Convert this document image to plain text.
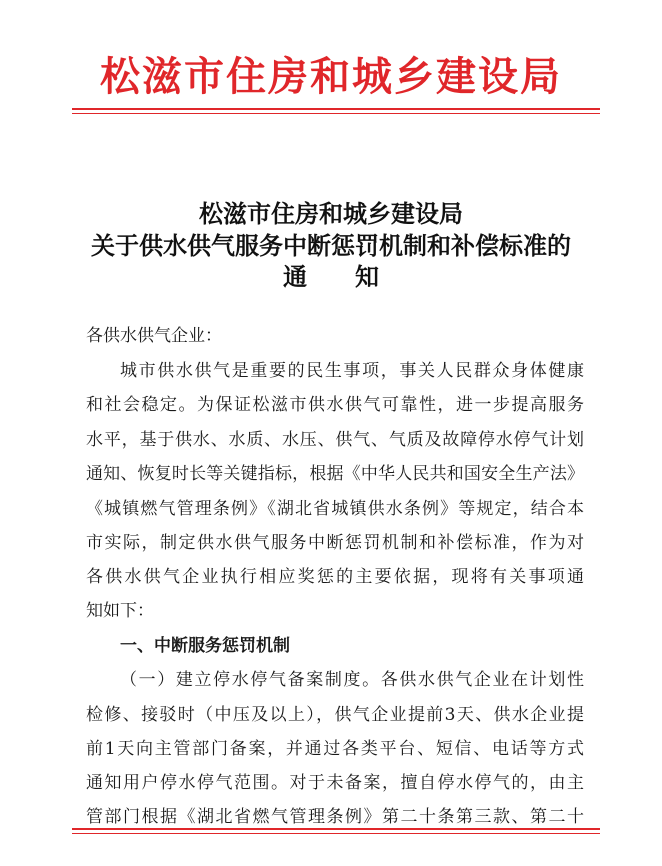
松滋市住房和城乡建设局
松滋市住房和城乡建设局
关于供水供气服务中断惩罚机制和补偿标准的
通　　知
各供水供气企业：
城市供水供气是重要的民生事项，事关人民群众身体健康
和社会稳定。为保证松滋市供水供气可靠性，进一步提高服务
水平，基于供水、水质、水压、供气、气质及故障停水停气计划
通知、恢复时长等关键指标，根据《中华人民共和国安全生产法》
《城镇燃气管理条例》《湖北省城镇供水条例》等规定，结合本
市实际，制定供水供气服务中断惩罚机制和补偿标准，作为对
各供水供气企业执行相应奖惩的主要依据，现将有关事项通
知如下：
一、中断服务惩罚机制
（一）建立停水停气备案制度。各供水供气企业在计划性
检修、接驳时（中压及以上），供气企业提前3天、供水企业提
前1天向主管部门备案，并通过各类平台、短信、电话等方式
通知用户停水停气范围。对于未备案，擅自停水停气的，由主
管部门根据《湖北省燃气管理条例》第二十条第三款、第二十
